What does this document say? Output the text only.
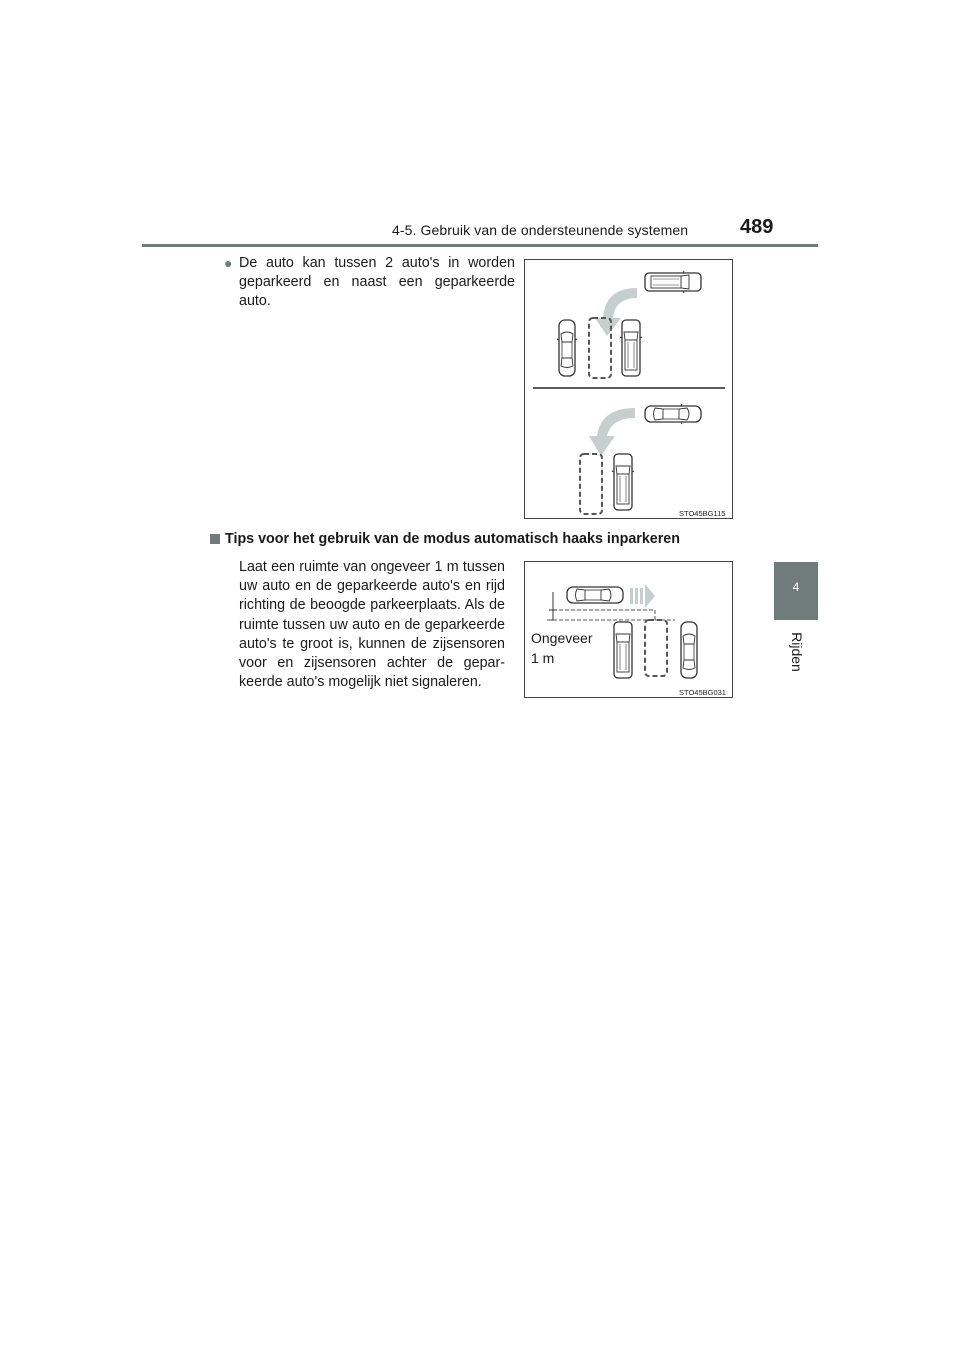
4-5. Gebruik van de ondersteunende systemen	489
4
Rijden
● De auto kan tussen 2 auto's in worden geparkeerd en naast een geparkeerde auto.
STO45BG115
Tips voor het gebruik van de modus automatisch haaks inparkeren
Laat een ruimte van ongeveer 1 m tussen uw auto en de geparkeerde auto's en rijd richting de beoogde parkeerplaats. Als de ruimte tussen uw auto en de geparkeerde auto's te groot is, kunnen de zijsensoren voor en zijsensoren achter de gepar-keerde auto's mogelijk niet signaleren.
Ongeveer
1 m
STO45BG031
